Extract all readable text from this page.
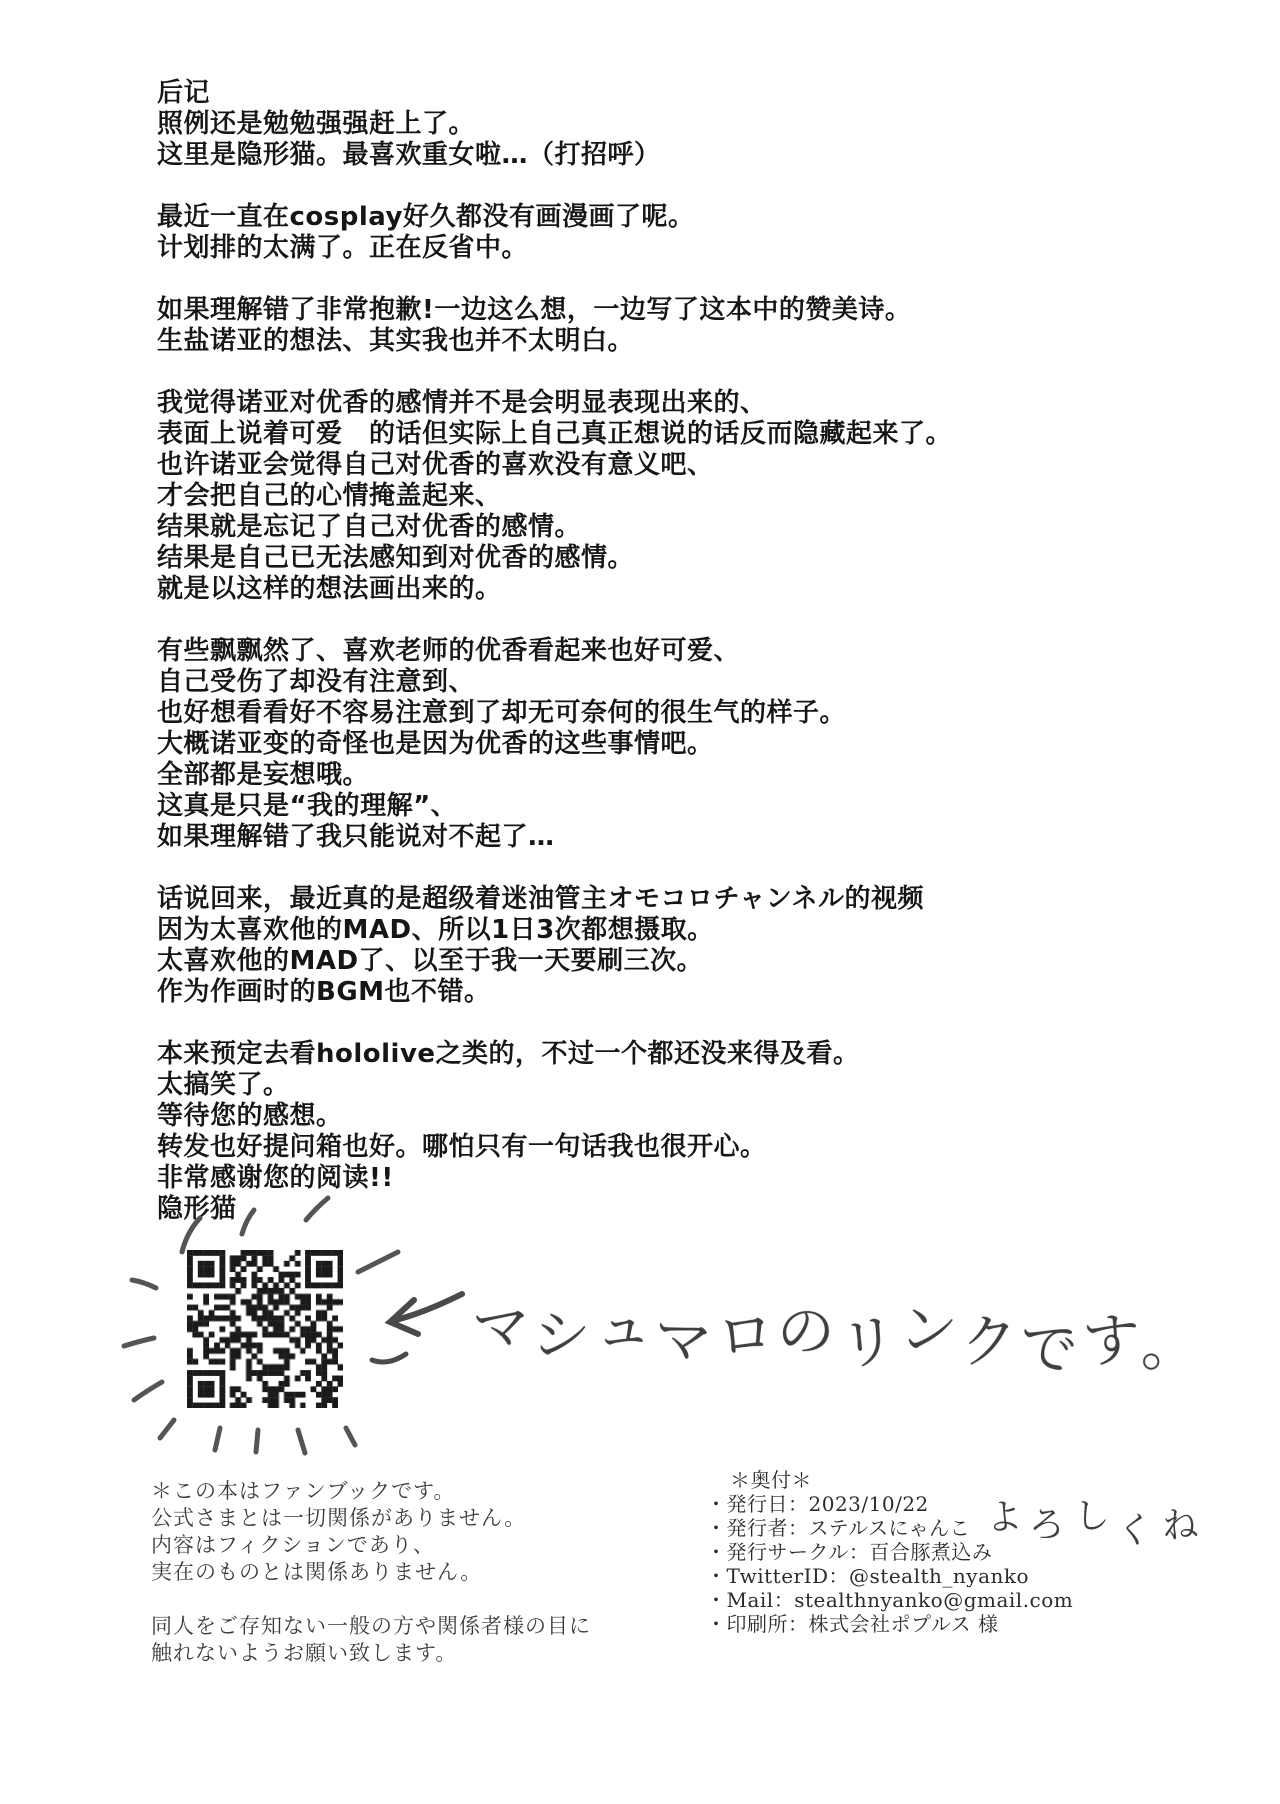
后记
照例还是勉勉强强赶上了。
这里是隐形猫。最喜欢重女啦…（打招呼）

最近一直在cosplay好久都没有画漫画了呢。
计划排的太满了。正在反省中。

如果理解错了非常抱歉!一边这么想，一边写了这本中的赞美诗。
生盐诺亚的想法、其实我也并不太明白。

我觉得诺亚对优香的感情并不是会明显表现出来的、
表面上说着可爱　的话但实际上自己真正想说的话反而隐藏起来了。
也许诺亚会觉得自己对优香的喜欢没有意义吧、
才会把自己的心情掩盖起来、
结果就是忘记了自己对优香的感情。
结果是自己已无法感知到对优香的感情。
就是以这样的想法画出来的。

有些飘飘然了、喜欢老师的优香看起来也好可爱、
自己受伤了却没有注意到、
也好想看看好不容易注意到了却无可奈何的很生气的样子。
大概诺亚变的奇怪也是因为优香的这些事情吧。
全部都是妄想哦。
这真是只是“我的理解”、
如果理解错了我只能说对不起了…

话说回来，最近真的是超级着迷油管主オモコロチャンネル的视频
因为太喜欢他的MAD、所以1日3次都想摄取。
太喜欢他的MAD了、以至于我一天要刷三次。
作为作画时的BGM也不错。

本来预定去看hololive之类的，不过一个都还没来得及看。
太搞笑了。
等待您的感想。
转发也好提问箱也好。哪怕只有一句话我也很开心。
非常感谢您的阅读!!
隐形猫
マシュマロのリンクです。
よろしくね
＊この本はファンブックです。
公式さまとは一切関係がありません。
内容はフィクションであり、
実在のものとは関係ありません。

同人をご存知ない一般の方や関係者様の目に
触れないようお願い致します。
＊奥付＊
・発行日：2023/10/22
・発行者：ステルスにゃんこ
・発行サークル：百合豚煮込み
・TwitterID：@stealth_nyanko
・Mail：stealthnyanko@gmail.com
・印刷所：株式会社ポプルス 様
